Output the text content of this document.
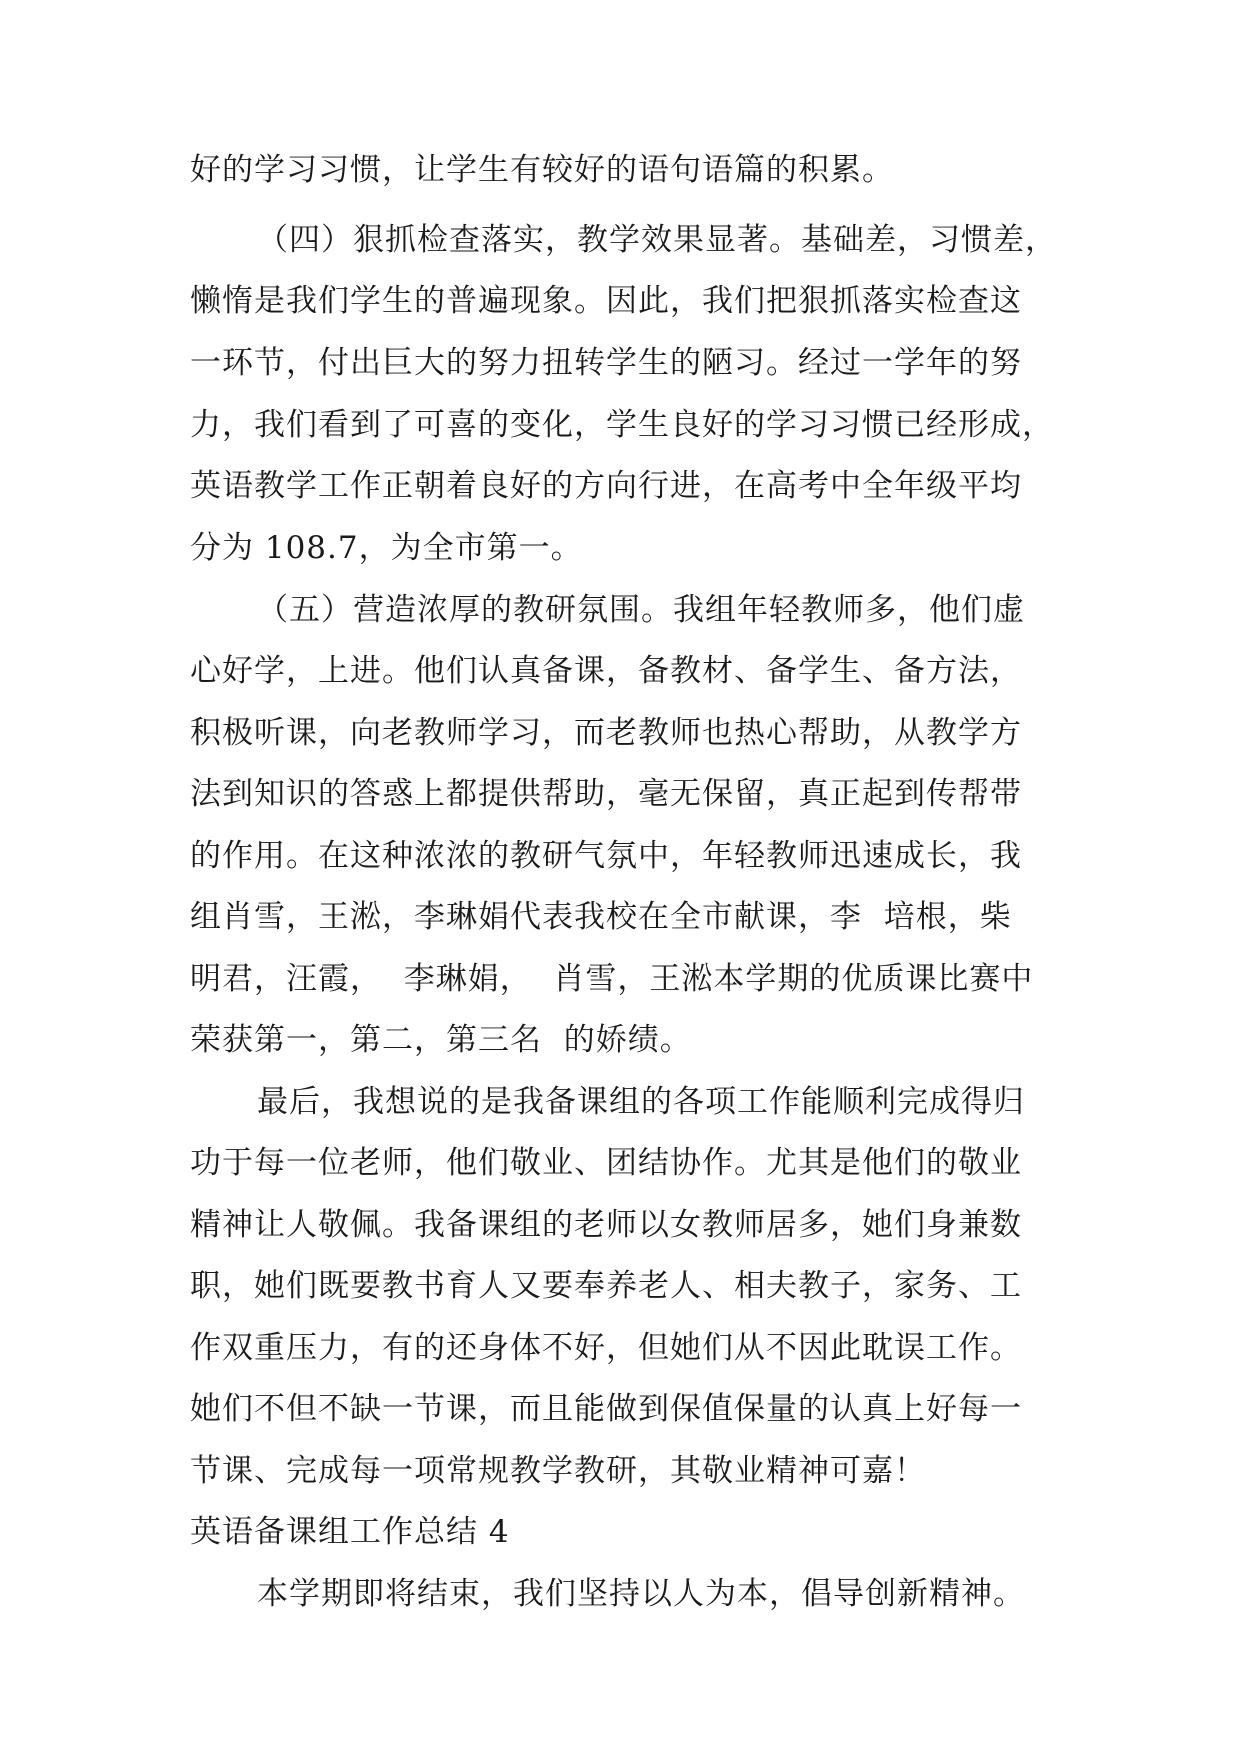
好的学习习惯，让学生有较好的语句语篇的积累。
（四）狠抓检查落实，教学效果显著。基础差，习惯差，
懒惰是我们学生的普遍现象。因此，我们把狠抓落实检查这
一环节，付出巨大的努力扭转学生的陋习。经过一学年的努
力，我们看到了可喜的变化，学生良好的学习习惯已经形成，
英语教学工作正朝着良好的方向行进，在高考中全年级平均
分为 108.7，为全市第一。
（五）营造浓厚的教研氛围。我组年轻教师多，他们虚
心好学，上进。他们认真备课，备教材、备学生、备方法，
积极听课，向老教师学习，而老教师也热心帮助，从教学方
法到知识的答惑上都提供帮助，毫无保留，真正起到传帮带
的作用。在这种浓浓的教研气氛中，年轻教师迅速成长，我
组肖雪，王淞，李琳娟代表我校在全市献课，李  培根，柴
明君，汪霞，  李琳娟，  肖雪，王淞本学期的优质课比赛中
荣获第一，第二，第三名  的娇绩。
最后，我想说的是我备课组的各项工作能顺利完成得归
功于每一位老师，他们敬业、团结协作。尤其是他们的敬业
精神让人敬佩。我备课组的老师以女教师居多，她们身兼数
职，她们既要教书育人又要奉养老人、相夫教子，家务、工
作双重压力，有的还身体不好，但她们从不因此耽误工作。
她们不但不缺一节课，而且能做到保值保量的认真上好每一
节课、完成每一项常规教学教研，其敬业精神可嘉！
英语备课组工作总结 4
本学期即将结束，我们坚持以人为本，倡导创新精神。
